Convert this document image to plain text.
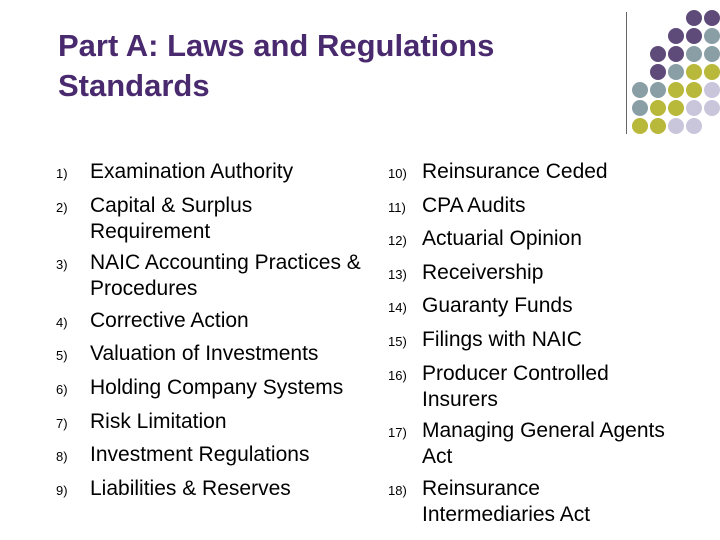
Part A: Laws and Regulations
Standards
1)	Examination Authority
2)	Capital & Surplus Requirement
3)	NAIC Accounting Practices & Procedures
4)	Corrective Action
5)	Valuation of Investments
6)	Holding Company Systems
7)	Risk Limitation
8)	Investment Regulations
9)	Liabilities & Reserves
10) Reinsurance Ceded
11) CPA Audits
12) Actuarial Opinion
13) Receivership
14) Guaranty Funds
15) Filings with NAIC
16) Producer Controlled Insurers
17) Managing General Agents Act
18) Reinsurance Intermediaries Act
